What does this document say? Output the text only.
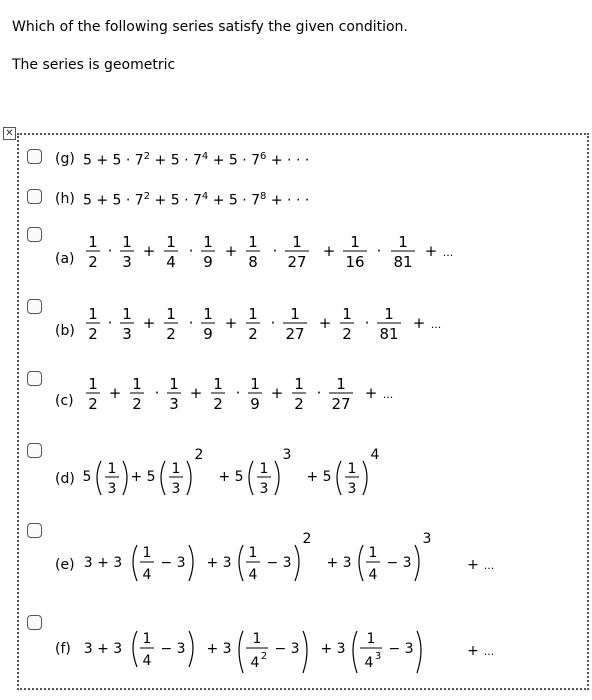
Which of the following series satisfy the given condition.
The series is geometric
✕
(g) $5 + 5 \cdot 7^2 + 5 \cdot 7^4 + 5 \cdot 7^6$ + · · ·
(h) $5 + 5 \cdot 7^2 + 5 \cdot 7^4 + 5 \cdot 7^8$ + · · ·
(a)
1
2
· 1
3
+ 1
4
· 1
9
+ 1
8
· 1
27
+ 1
16
· 1
81
+ ...
(b)
1
2
· 1
3
+ 1
2
· 1
9
+ 1
2
· 1
27
+ 1
2
· 1
81
+ ...
(c)
1
2
+ 1
2
· 1
3
+ 1
2
· 1
9
+ 1
2
· 1
27
+ ...
(d) 5 1
3
+ 5 1
3
2
+ 5 1
3
3
+ 5 1
3
4
(e) 3 + 3
1
4
− 3 + 3
1
4
− 3
2
+ 3
1
4
− 3
3
+ ...
(f) 3 + 3
1
4
− 3 + 3
1
4 2 − 3 + 3
1
4 3 − 3	+ ...
